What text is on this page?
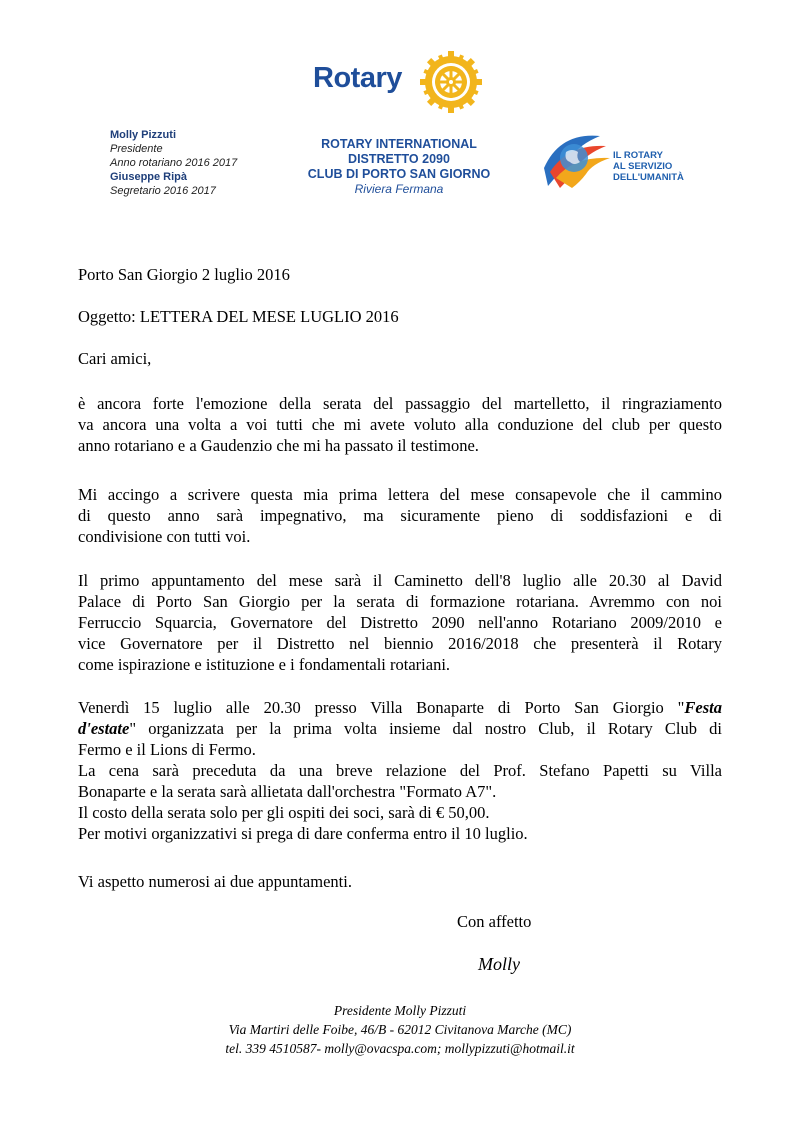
Rotary
Molly Pizzuti
Presidente
Anno rotariano 2016 2017
Giuseppe Ripà
Segretario 2016 2017
ROTARY INTERNATIONAL
DISTRETTO 2090
CLUB DI PORTO SAN GIORNO
Riviera Fermana
IL ROTARY
AL SERVIZIO
DELL'UMANITÀ
Porto San Giorgio 2 luglio 2016
Oggetto: LETTERA DEL MESE LUGLIO 2016
Cari amici,
è ancora forte l'emozione della serata del passaggio del martelletto, il ringraziamento
va ancora una volta a voi tutti che mi avete voluto alla conduzione del club per questo
anno rotariano e a Gaudenzio che mi ha passato il testimone.
Mi accingo a scrivere questa mia prima lettera del mese consapevole che il cammino
di questo anno sarà impegnativo, ma sicuramente pieno di soddisfazioni e di
condivisione con tutti voi.
Il primo appuntamento del mese sarà il Caminetto dell'8 luglio alle 20.30 al David
Palace di Porto San Giorgio per la serata di formazione rotariana. Avremmo con noi
Ferruccio Squarcia, Governatore del Distretto 2090 nell'anno Rotariano 2009/2010 e
vice Governatore per il Distretto nel biennio 2016/2018 che presenterà il Rotary
come ispirazione e istituzione e i fondamentali rotariani.
Venerdì 15 luglio alle 20.30 presso Villa Bonaparte di Porto San Giorgio "Festa
d'estate" organizzata per la prima volta insieme dal nostro Club, il Rotary Club di
Fermo e il Lions di Fermo.
La cena sarà preceduta da una breve relazione del Prof. Stefano Papetti su Villa
Bonaparte e la serata sarà allietata dall'orchestra "Formato A7".
Il costo della serata solo per gli ospiti dei soci, sarà di € 50,00.
Per motivi organizzativi si prega di dare conferma entro il 10 luglio.
Vi aspetto numerosi ai due appuntamenti.
Con affetto
Molly
Presidente Molly Pizzuti
Via Martiri delle Foibe, 46/B - 62012 Civitanova Marche (MC)
tel. 339 4510587- molly@ovacspa.com; mollypizzuti@hotmail.it
